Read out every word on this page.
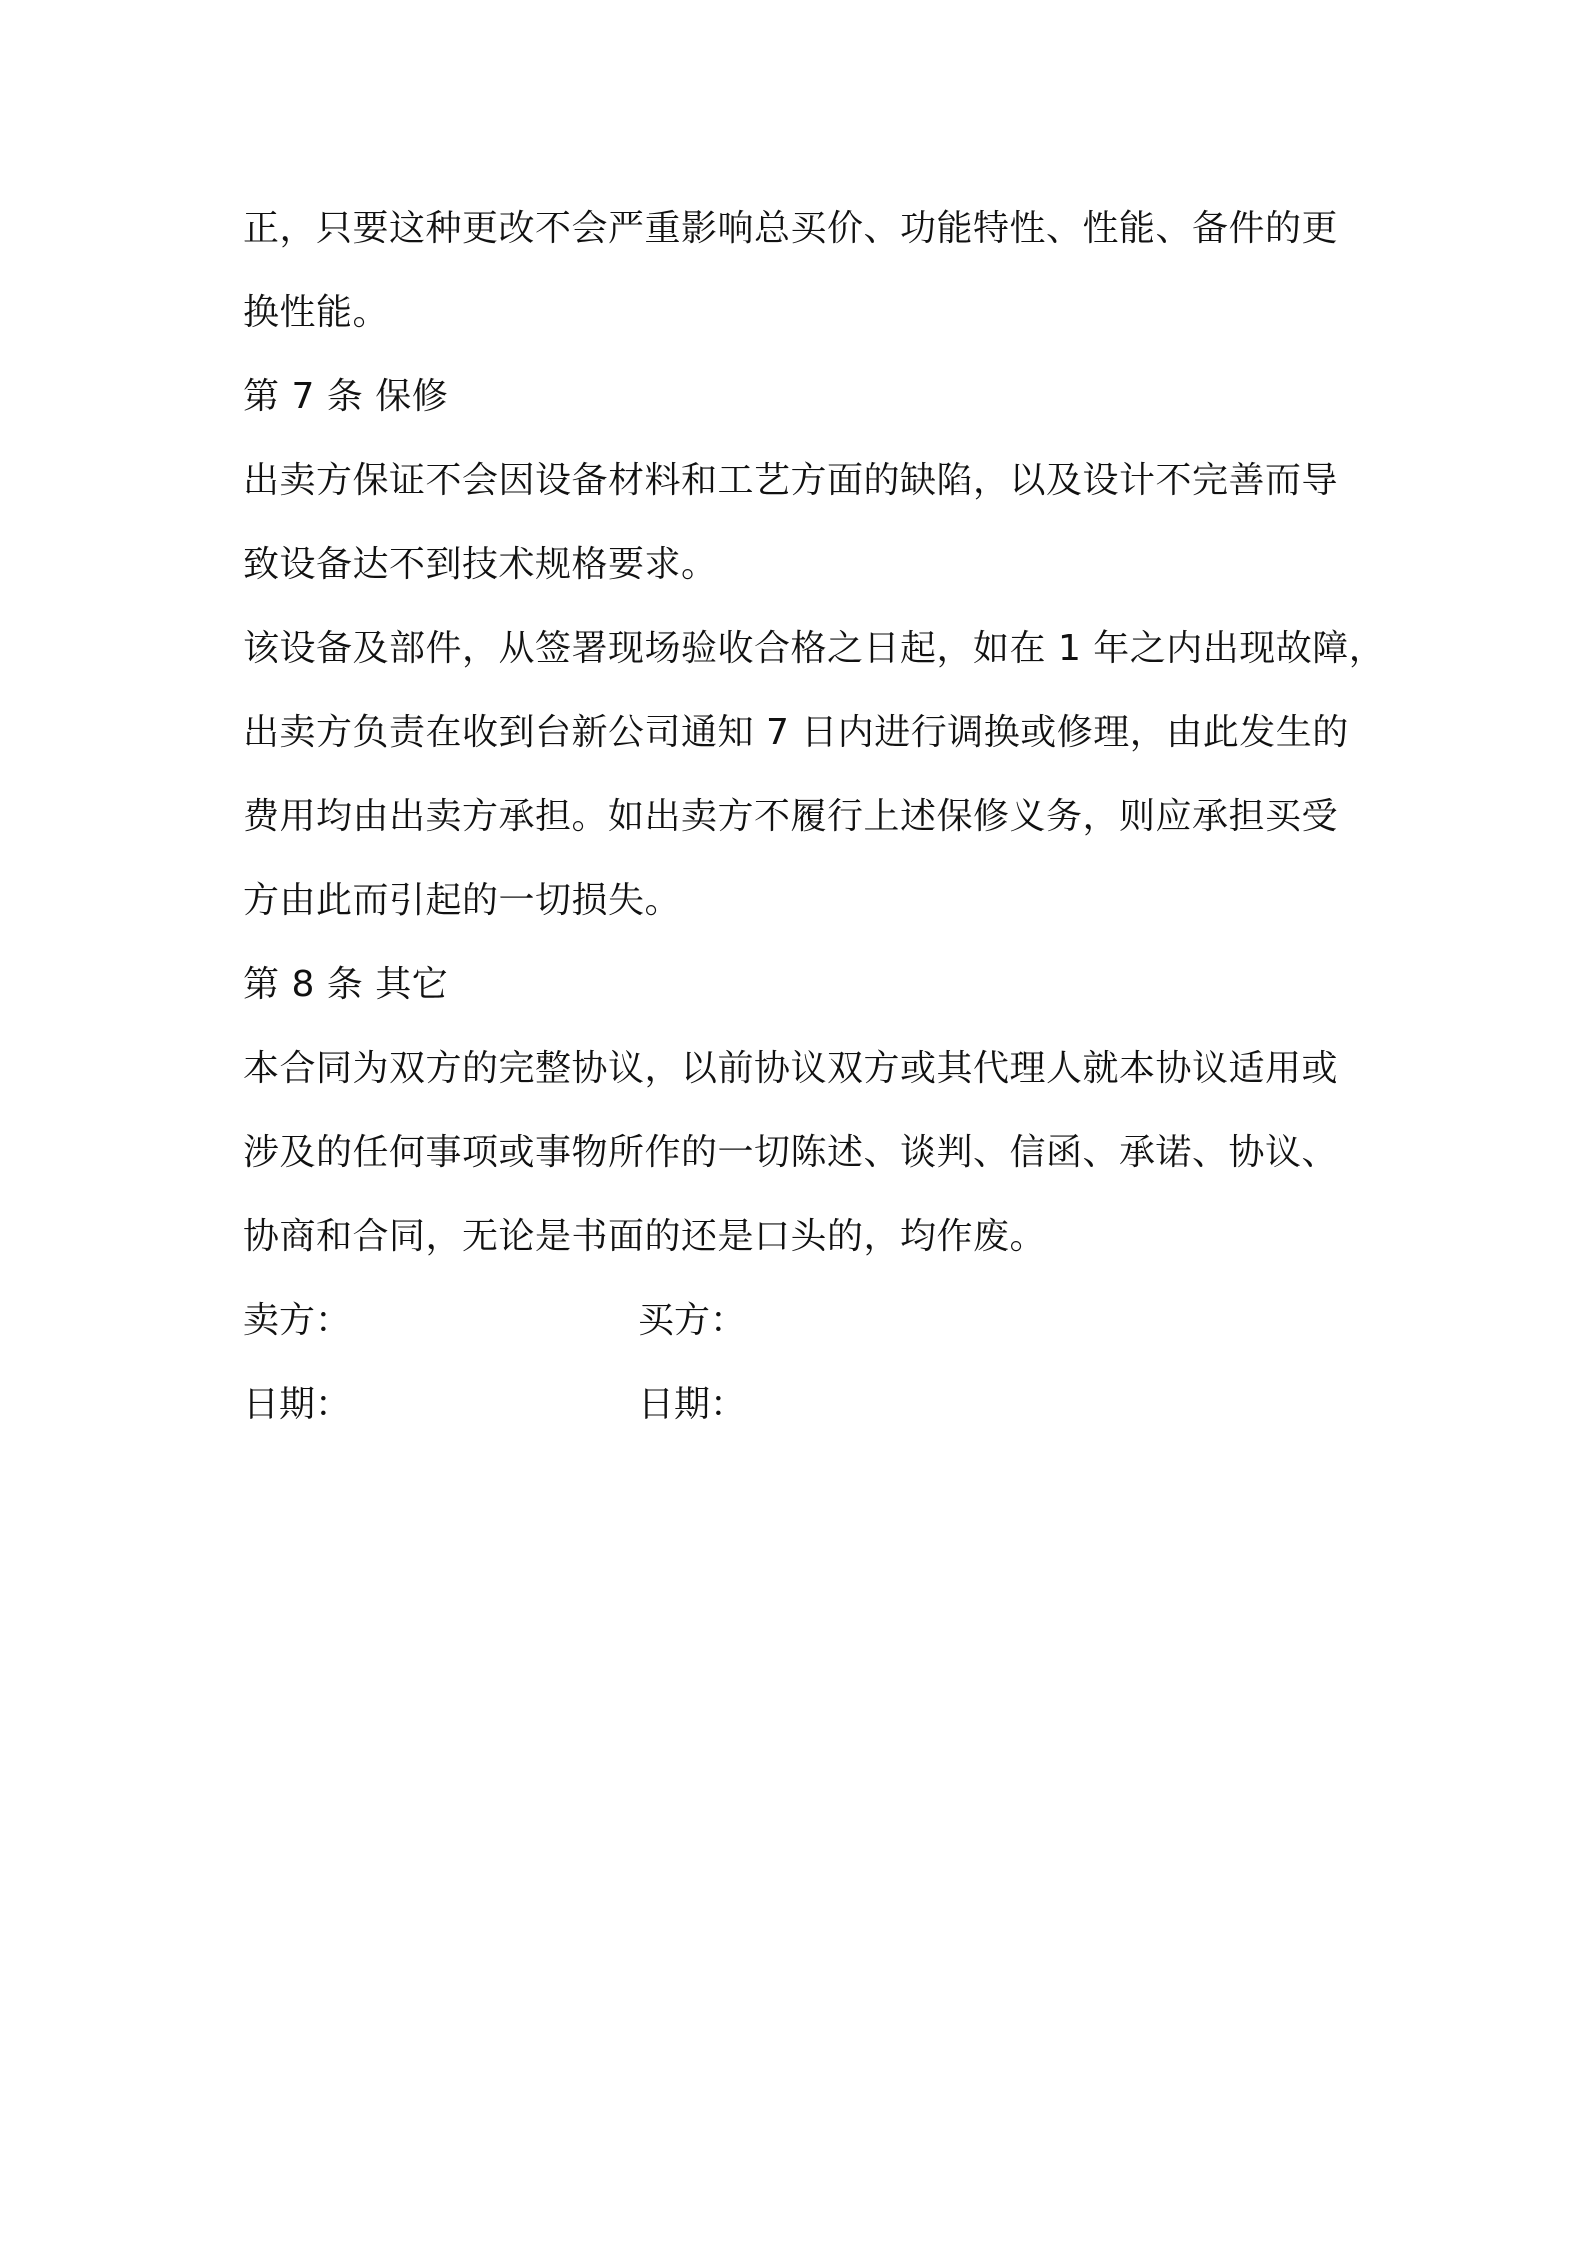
正，只要这种更改不会严重影响总买价、功能特性、性能、备件的更
换性能。
第 7 条 保修
出卖方保证不会因设备材料和工艺方面的缺陷，以及设计不完善而导
致设备达不到技术规格要求。
该设备及部件，从签署现场验收合格之日起，如在 1 年之内出现故障，
出卖方负责在收到台新公司通知 7 日内进行调换或修理，由此发生的
费用均由出卖方承担。如出卖方不履行上述保修义务，则应承担买受
方由此而引起的一切损失。
第 8 条 其它
本合同为双方的完整协议，以前协议双方或其代理人就本协议适用或
涉及的任何事项或事物所作的一切陈述、谈判、信函、承诺、协议、
协商和合同，无论是书面的还是口头的，均作废。
卖方：	买方：
日期：	日期：
